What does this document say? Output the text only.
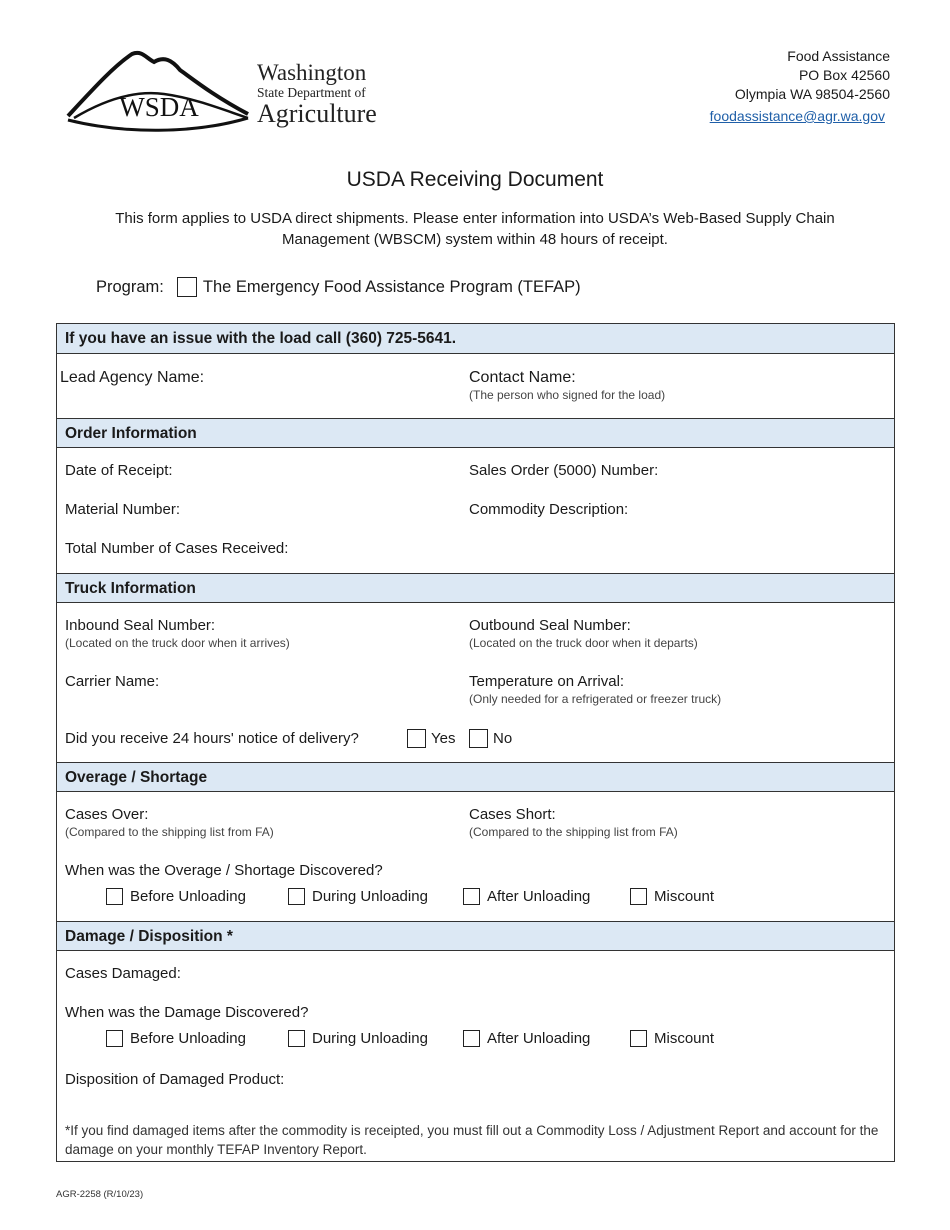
WSDA
Washington
State Department of
Agriculture
Food Assistance
PO Box 42560
Olympia WA 98504-2560
foodassistance@agr.wa.gov
USDA Receiving Document
This form applies to USDA direct shipments. Please enter information into USDA’s Web-Based Supply Chain Management (WBSCM) system within 48 hours of receipt.
Program: The Emergency Food Assistance Program (TEFAP)
If you have an issue with the load call (360) 725-5641.
Lead Agency Name:	Contact Name:
(The person who signed for the load)
Order Information
Date of Receipt:	Sales Order (5000) Number:
Material Number:	Commodity Description:
Total Number of Cases Received:
Truck Information
Inbound Seal Number:
(Located on the truck door when it arrives)
Outbound Seal Number:
(Located on the truck door when it departs)
Carrier Name:	Temperature on Arrival:
(Only needed for a refrigerated or freezer truck)
Did you receive 24 hours' notice of delivery?	Yes	No
Overage / Shortage
Cases Over:
(Compared to the shipping list from FA)
Cases Short:
(Compared to the shipping list from FA)
When was the Overage / Shortage Discovered?
Before Unloading	During Unloading	After Unloading	Miscount
Damage / Disposition *
Cases Damaged:
When was the Damage Discovered?
Before Unloading	During Unloading	After Unloading	Miscount
Disposition of Damaged Product:
*If you find damaged items after the commodity is receipted, you must fill out a Commodity Loss / Adjustment Report and account for the damage on your monthly TEFAP Inventory Report.
AGR-2258 (R/10/23)
